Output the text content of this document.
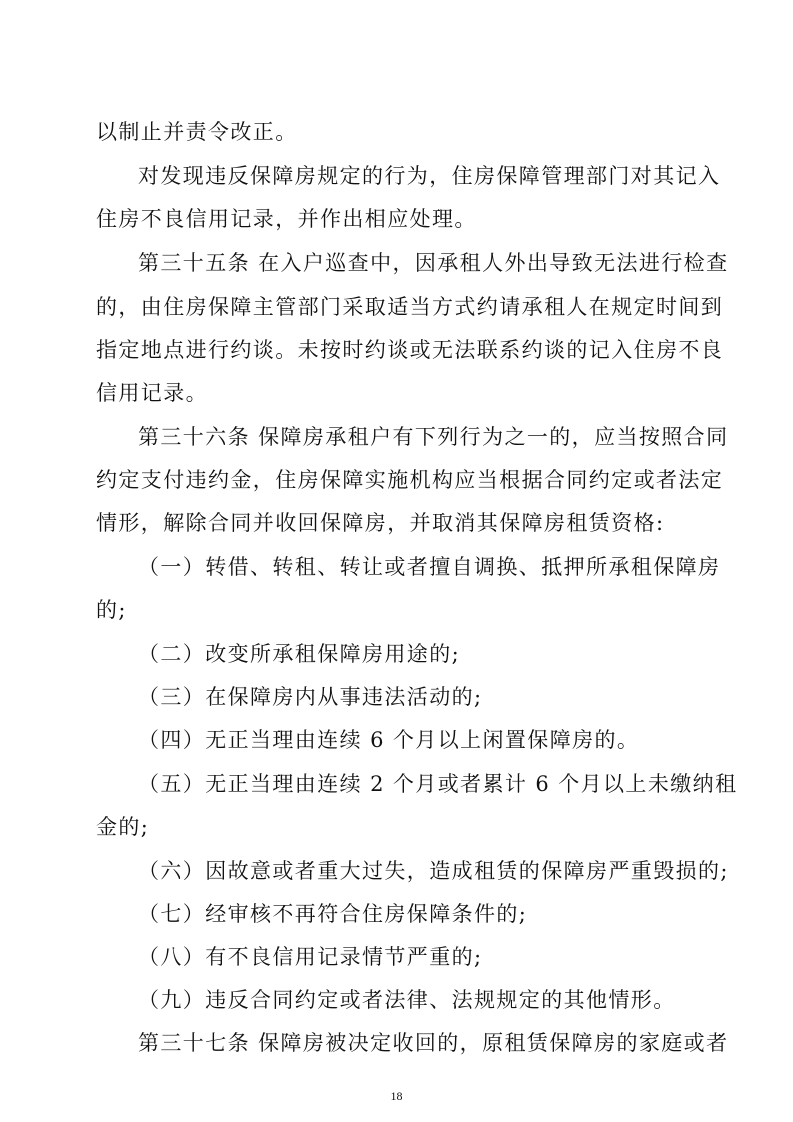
以制止并责令改正。
对发现违反保障房规定的行为，住房保障管理部门对其记入
住房不良信用记录，并作出相应处理。
第三十五条 在入户巡查中，因承租人外出导致无法进行检查
的，由住房保障主管部门采取适当方式约请承租人在规定时间到
指定地点进行约谈。未按时约谈或无法联系约谈的记入住房不良
信用记录。
第三十六条 保障房承租户有下列行为之一的，应当按照合同
约定支付违约金，住房保障实施机构应当根据合同约定或者法定
情形，解除合同并收回保障房，并取消其保障房租赁资格:
（一）转借、转租、转让或者擅自调换、抵押所承租保障房
的;
（二）改变所承租保障房用途的;
（三）在保障房内从事违法活动的;
（四）无正当理由连续 6 个月以上闲置保障房的。
（五）无正当理由连续 2 个月或者累计 6 个月以上未缴纳租
金的;
（六）因故意或者重大过失，造成租赁的保障房严重毁损的;
（七）经审核不再符合住房保障条件的;
（八）有不良信用记录情节严重的;
（九）违反合同约定或者法律、法规规定的其他情形。
第三十七条 保障房被决定收回的，原租赁保障房的家庭或者
18
